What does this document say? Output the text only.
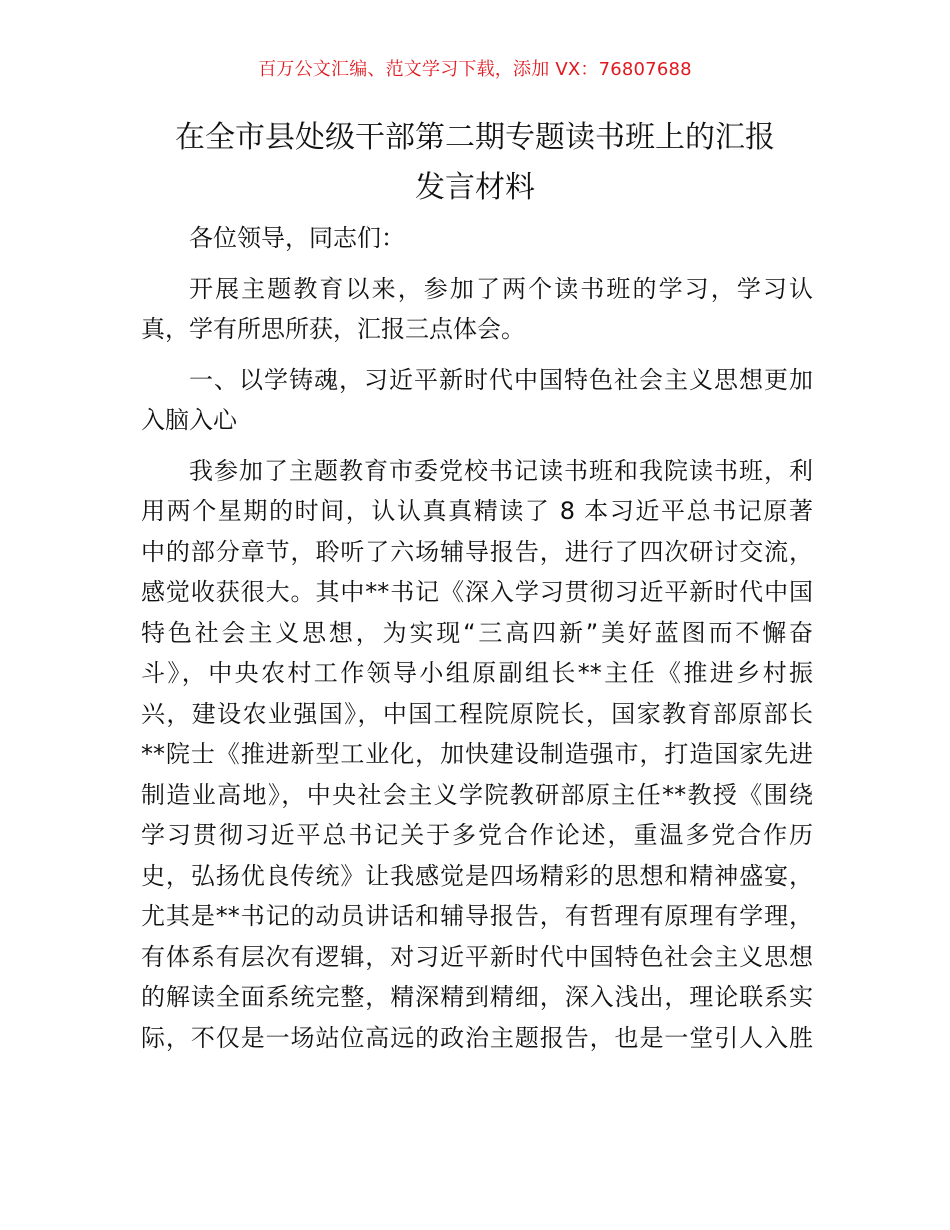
百万公文汇编、范文学习下载，添加 VX：76807688
在全市县处级干部第二期专题读书班上的汇报
发言材料

各位领导，同志们：

开展主题教育以来，参加了两个读书班的学习，学习认
真，学有所思所获，汇报三点体会。

一、以学铸魂，习近平新时代中国特色社会主义思想更加
入脑入心

我参加了主题教育市委党校书记读书班和我院读书班，利
用两个星期的时间，认认真真精读了 8 本习近平总书记原著
中的部分章节，聆听了六场辅导报告，进行了四次研讨交流，
感觉收获很大。其中**书记《深入学习贯彻习近平新时代中国
特色社会主义思想，为实现“三高四新”美好蓝图而不懈奋
斗》，中央农村工作领导小组原副组长**主任《推进乡村振
兴，建设农业强国》，中国工程院原院长，国家教育部原部长
**院士《推进新型工业化，加快建设制造强市，打造国家先进
制造业高地》，中央社会主义学院教研部原主任**教授《围绕
学习贯彻习近平总书记关于多党合作论述，重温多党合作历
史，弘扬优良传统》让我感觉是四场精彩的思想和精神盛宴，
尤其是**书记的动员讲话和辅导报告，有哲理有原理有学理，
有体系有层次有逻辑，对习近平新时代中国特色社会主义思想
的解读全面系统完整，精深精到精细，深入浅出，理论联系实
际，不仅是一场站位高远的政治主题报告，也是一堂引人入胜
